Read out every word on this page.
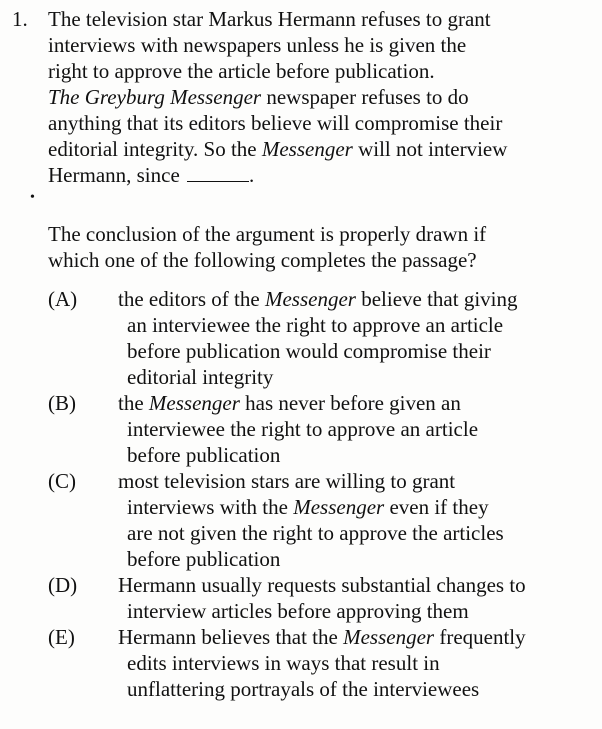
1. The television star Markus Hermann refuses to grant
interviews with newspapers unless he is given the
right to approve the article before publication.
The Greyburg Messenger newspaper refuses to do
anything that its editors believe will compromise their
editorial integrity. So the Messenger will not interview
Hermann, since	.
•
The conclusion of the argument is properly drawn if
which one of the following completes the passage?
(A) the editors of the Messenger believe that giving
an interviewee the right to approve an article
before publication would compromise their
editorial integrity
(B) the Messenger has never before given an
interviewee the right to approve an article
before publication
(C) most television stars are willing to grant
interviews with the Messenger even if they
are not given the right to approve the articles
before publication
(D) Hermann usually requests substantial changes to
interview articles before approving them
(E) Hermann believes that the Messenger frequently
edits interviews in ways that result in
unflattering portrayals of the interviewees
